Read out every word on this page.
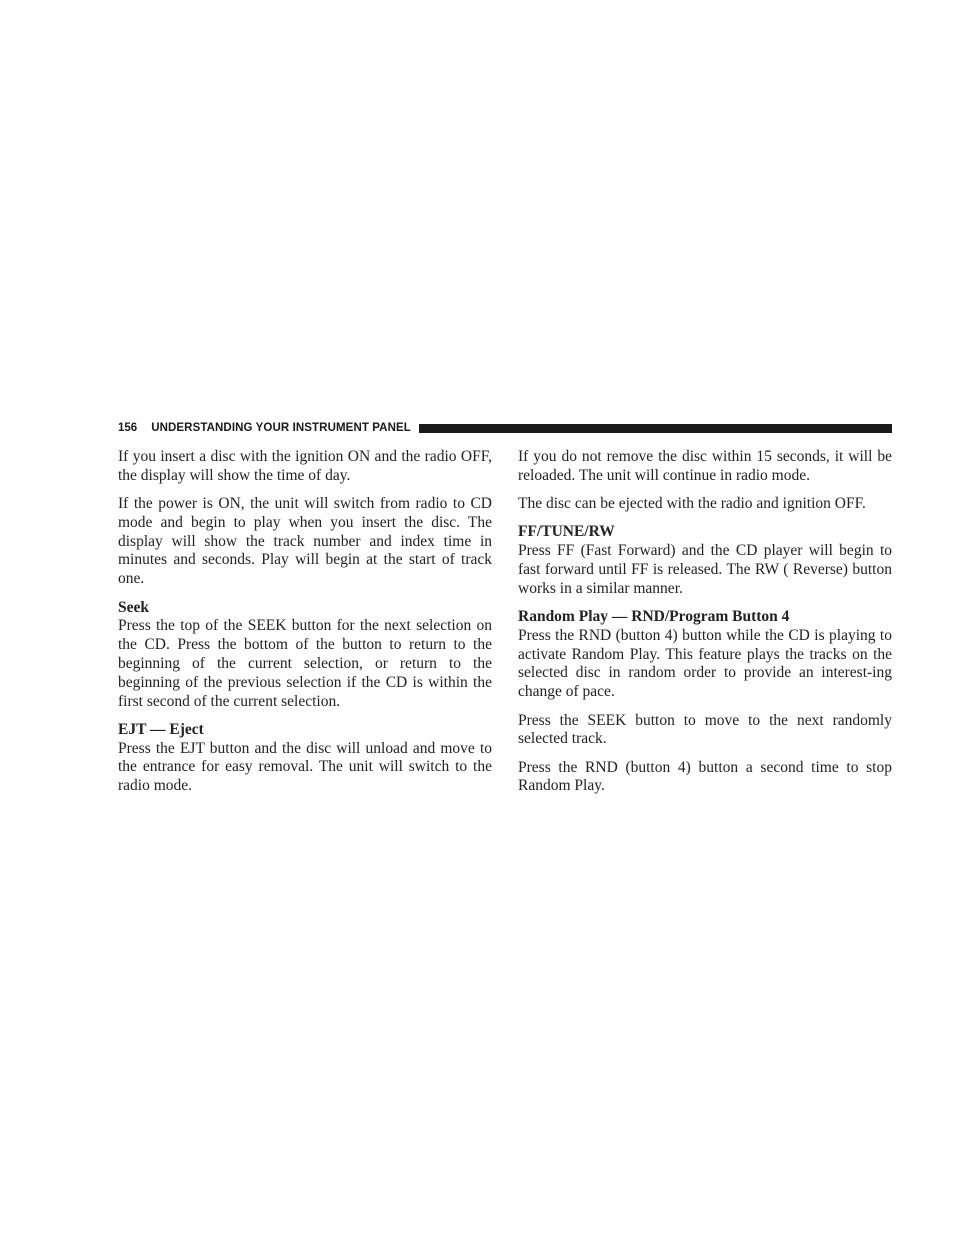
156 UNDERSTANDING YOUR INSTRUMENT PANEL

If you insert a disc with the ignition ON and the radio OFF, the display will show the time of day.

If the power is ON, the unit will switch from radio to CD mode and begin to play when you insert the disc. The display will show the track number and index time in minutes and seconds. Play will begin at the start of track one.

Seek

Press the top of the SEEK button for the next selection on the CD. Press the bottom of the button to return to the beginning of the current selection, or return to the beginning of the previous selection if the CD is within the first second of the current selection.

EJT — Eject

Press the EJT button and the disc will unload and move to the entrance for easy removal. The unit will switch to the radio mode.

If you do not remove the disc within 15 seconds, it will be reloaded. The unit will continue in radio mode.

The disc can be ejected with the radio and ignition OFF.

FF/TUNE/RW

Press FF (Fast Forward) and the CD player will begin to fast forward until FF is released. The RW ( Reverse) button works in a similar manner.

Random Play — RND/Program Button 4

Press the RND (button 4) button while the CD is playing to activate Random Play. This feature plays the tracks on the selected disc in random order to provide an interest-ing change of pace.

Press the SEEK button to move to the next randomly selected track.

Press the RND (button 4) button a second time to stop Random Play.
